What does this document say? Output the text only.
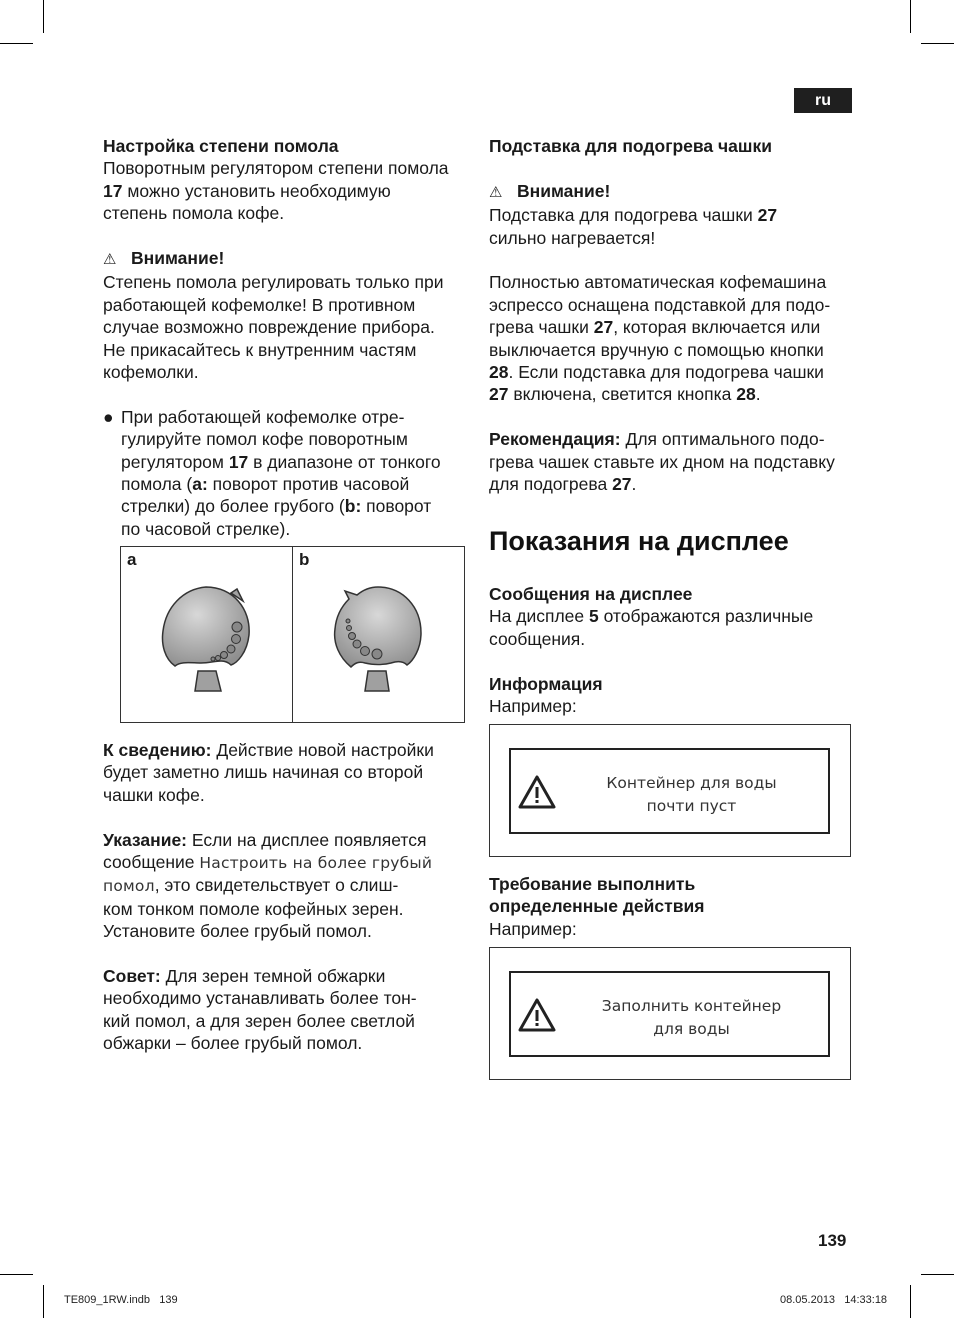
ru

Настройка степени помола

Поворотным регулятором степени помола

17 можно установить необходимую

степень помола кофе.

⚠ Внимание!

Степень помола регулировать только при

работающей кофемолке! В противном

случае возможно повреждение прибора.

Не прикасайтесь к внутренним частям

кофемолки.

● При работающей кофемолке отре-

гулируйте помол кофе поворотным

регулятором 17 в диапазоне от тонкого

помола (a: поворот против часовой

стрелки) до более грубого (b: поворот

по часовой стрелке).

a	b

К сведению: Действие новой настройки

будет заметно лишь начиная со второй

чашки кофе.

Указание: Если на дисплее появляется

сообщение Настроить на более грубый

помол, это свидетельствует о слиш-

ком тонком помоле кофейных зерен.

Установите более грубый помол.

Совет: Для зерен темной обжарки

необходимо устанавливать более тон-

кий помол, а для зерен более светлой

обжарки – более грубый помол.

Подставка для подогрева чашки

⚠ Внимание!

Подставка для подогрева чашки 27

сильно нагревается!

Полностью автоматическая кофемашина

эспрессо оснащена подставкой для подо-

грева чашки 27, которая включается или

выключается вручную с помощью кнопки

28. Если подставка для подогрева чашки

27 включена, светится кнопка 28.

Рекомендация: Для оптимального подо-

грева чашек ставьте их дном на подставку

для подогрева 27.

Показания на дисплее

Сообщения на дисплее

На дисплее 5 отображаются различные

сообщения.

Информация

Например:

Контейнер для воды
почти пуст

Требование выполнить

определенные действия

Например:

Заполнить контейнер
для воды
139
TE809_1RW.indb 139	08.05.2013 14:33:18
